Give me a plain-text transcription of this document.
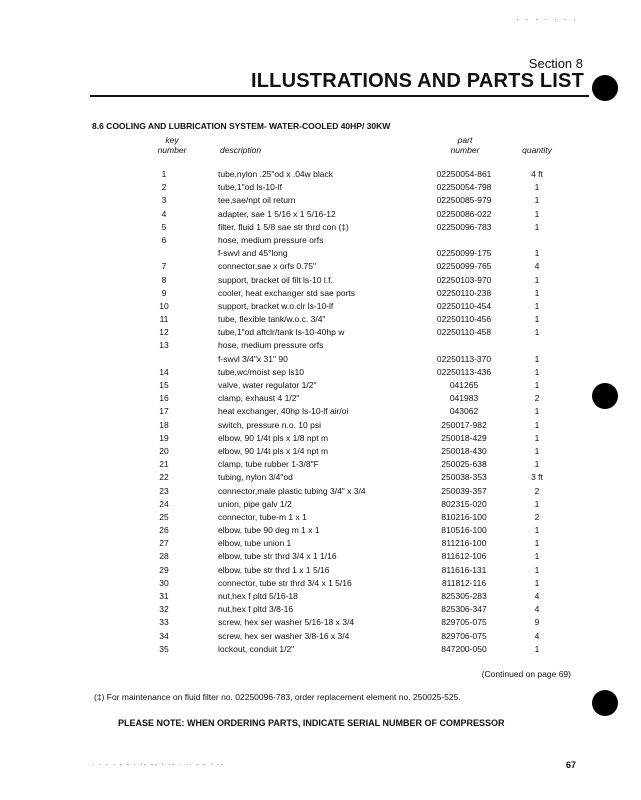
· · · · · · ·
Section 8
ILLUSTRATIONS AND PARTS LIST
8.6 COOLING AND LUBRICATION SYSTEM- WATER-COOLED 40HP/ 30KW
key
number	description
part
number	quantity
1	tube,nylon .25"od x .04w black	02250054-861	4 ft
2	tube,1"od ls-10-lf	02250054-798	1
3	tee,sae/npt oil return	02250085-979	1
4	adapter, sae 1 5/16 x 1 5/16-12	02250086-022	1
5	filter, fluid 1 5/8 sae str thrd con (‡)	02250096-783	1
6	hose, medium pressure orfs
f-swvl and 45°long	02250099-175	1
7	connector,sae x orfs 0.75"	02250099-765	4
8	support, bracket oil filt ls-10 l.f.	02250103-970	1
9	cooler, heat exchanger std sae ports	02250110-238	1
10	support, bracket w.o.clr ls-10-lf	02250110-454	1
11	tube, flexible tank/w.o.c. 3/4"	02250110-456	1
12	tube,1"od aftclr/tank ls-10-40hp w	02250110-458	1
13	hose, medium pressure orfs
f-swvl 3/4"x 31" 90	02250113-370	1
14	tube,wc/moist sep ls10	02250113-436	1
15	valve, water regulator 1/2"	041265	1
16	clamp, exhaust 4 1/2"	041983	2
17	heat exchanger, 40hp ls-10-lf air/oi	043062	1
18	switch, pressure n.o. 10 psi	250017-982	1
19	elbow, 90 1/4t pls x 1/8 npt m	250018-429	1
20	elbow, 90 1/4t pls x 1/4 npt m	250018-430	1
21	clamp, tube rubber 1-3/8"F	250025-638	1
22	tubing, nylon 3/4"od	250038-353	3 ft
23	connector,male plastic tubing 3/4" x 3/4	250039-357	2
24	union, pipe galv 1/2	802315-020	1
25	connector, tube-m 1 x 1	810216-100	2
26	elbow, tube 90 deg m 1 x 1	810516-100	1
27	elbow, tube union 1	811216-100	1
28	elbow, tube str thrd 3/4 x 1 1/16	811612-106	1
29	elbow, tube str thrd 1 x 1 5/16	811616-131	1
30	connector, tube str thrd 3/4 x 1 5/16	811812-116	1
31	nut,hex f pltd 5/16-18	825305-283	4
32	nut,hex f pltd 3/8-16	825306-347	4
33	screw, hex ser washer 5/16-18 x 3/4	829705-075	9
34	screw, hex ser washer 3/8-16 x 3/4	829706-075	4
35	lockout, conduit 1/2"	847200-050	1
(Continued on page 69)
(‡) For maintenance on fluid filter no. 02250096-783, order replacement element no. 250025-525.
PLEASE NOTE: WHEN ORDERING PARTS, INDICATE SERIAL NUMBER OF COMPRESSOR
· · · · - - · ·- -- · ·- · ·· - - · ·-	67
